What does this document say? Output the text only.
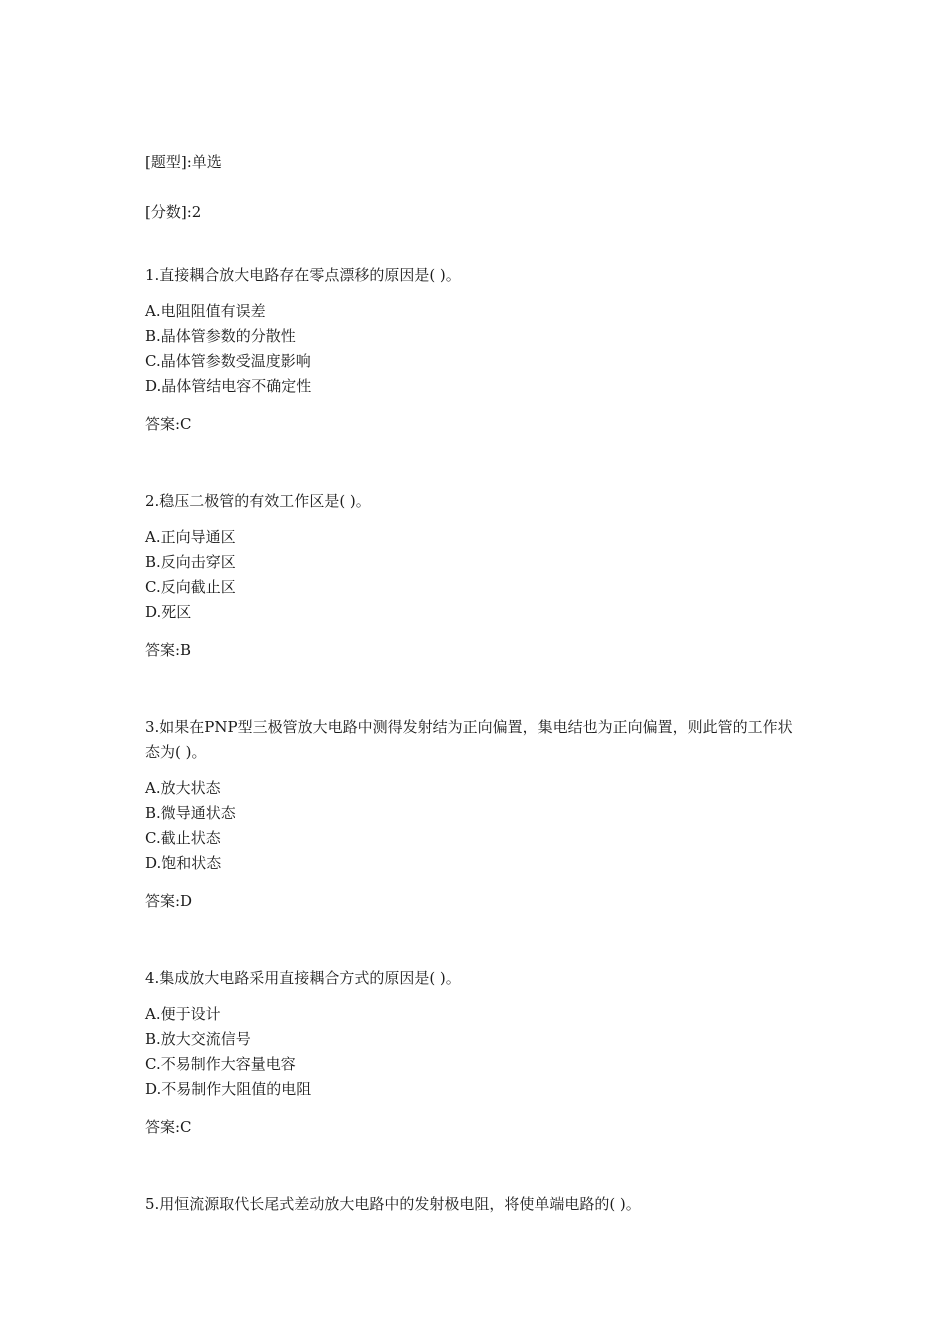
[题型]:单选
[分数]:2

1.直接耦合放大电路存在零点漂移的原因是( )。

A.电阻阻值有误差
B.晶体管参数的分散性
C.晶体管参数受温度影响
D.晶体管结电容不确定性
答案:C

2.稳压二极管的有效工作区是( )。

A.正向导通区
B.反向击穿区
C.反向截止区
D.死区
答案:B

3.如果在PNP型三极管放大电路中测得发射结为正向偏置，集电结也为正向偏置，则此管的工作状态为( )。

A.放大状态
B.微导通状态
C.截止状态
D.饱和状态
答案:D

4.集成放大电路采用直接耦合方式的原因是( )。

A.便于设计
B.放大交流信号
C.不易制作大容量电容
D.不易制作大阻值的电阻
答案:C

5.用恒流源取代长尾式差动放大电路中的发射极电阻，将使单端电路的( )。
